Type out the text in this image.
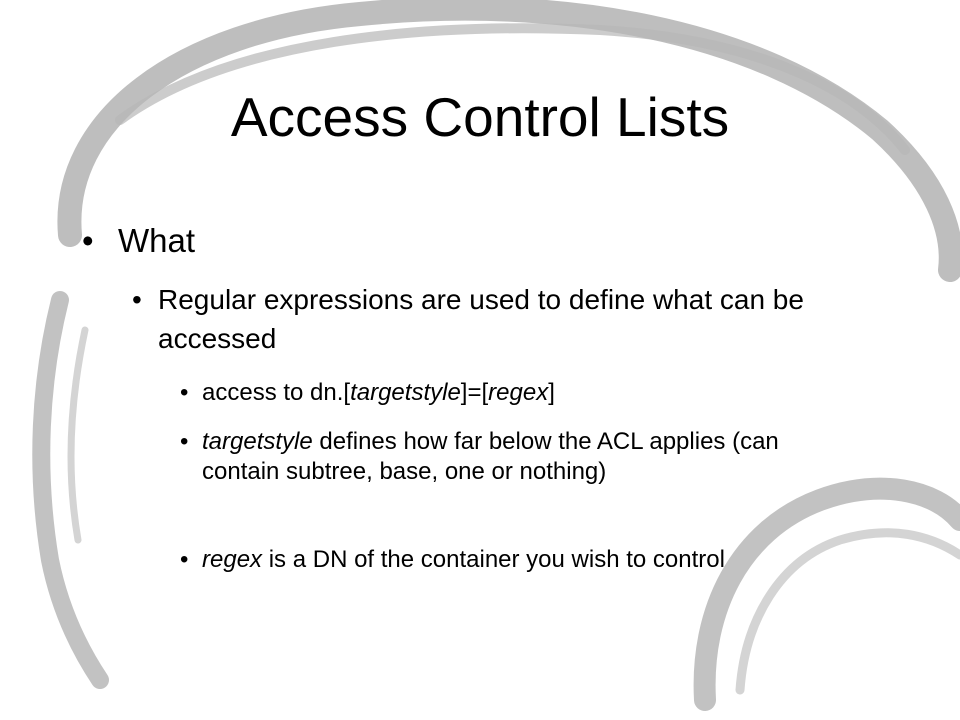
Access Control Lists
• What
• Regular expressions are used to define what can be accessed
• access to dn.[targetstyle]=[regex]
• targetstyle defines how far below the ACL applies (can contain subtree, base, one or nothing)
• regex is a DN of the container you wish to control
